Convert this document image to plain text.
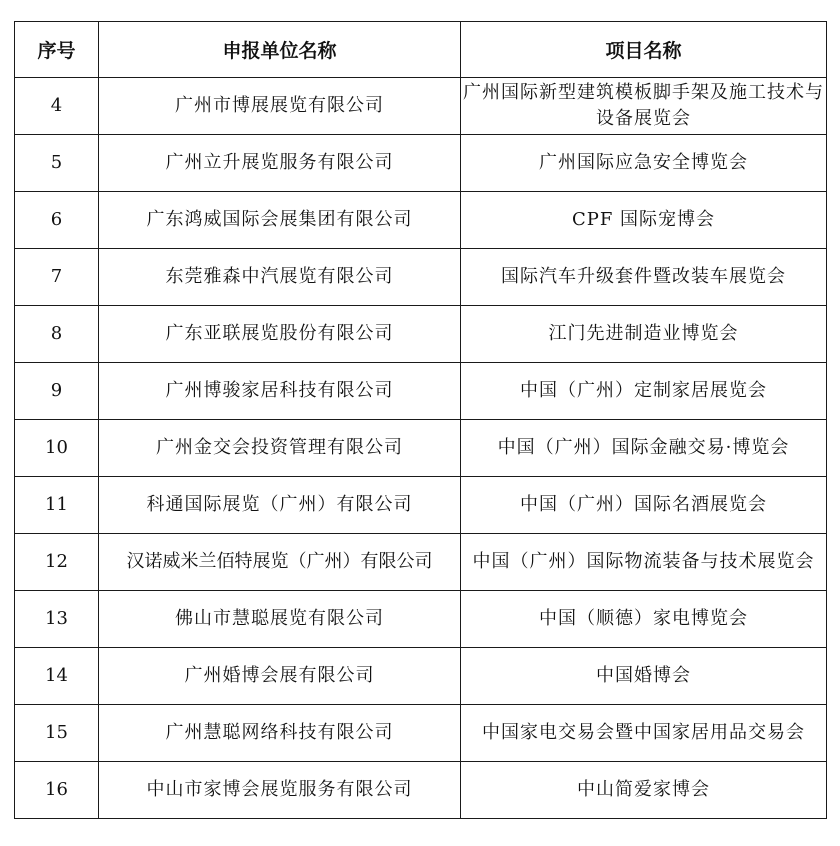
序号	申报单位名称	项目名称
4	广州市博展展览有限公司	广州国际新型建筑模板脚手架及施工技术与设备展览会
5	广州立升展览服务有限公司	广州国际应急安全博览会
6	广东鸿威国际会展集团有限公司	CPF 国际宠博会
7	东莞雅森中汽展览有限公司	国际汽车升级套件暨改装车展览会
8	广东亚联展览股份有限公司	江门先进制造业博览会
9	广州博骏家居科技有限公司	中国（广州）定制家居展览会
10	广州金交会投资管理有限公司	中国（广州）国际金融交易·博览会
11	科通国际展览（广州）有限公司	中国（广州）国际名酒展览会
12	汉诺威米兰佰特展览（广州）有限公司	中国（广州）国际物流装备与技术展览会
13	佛山市慧聪展览有限公司	中国（顺德）家电博览会
14	广州婚博会展有限公司	中国婚博会
15	广州慧聪网络科技有限公司	中国家电交易会暨中国家居用品交易会
16	中山市家博会展览服务有限公司	中山简爱家博会
